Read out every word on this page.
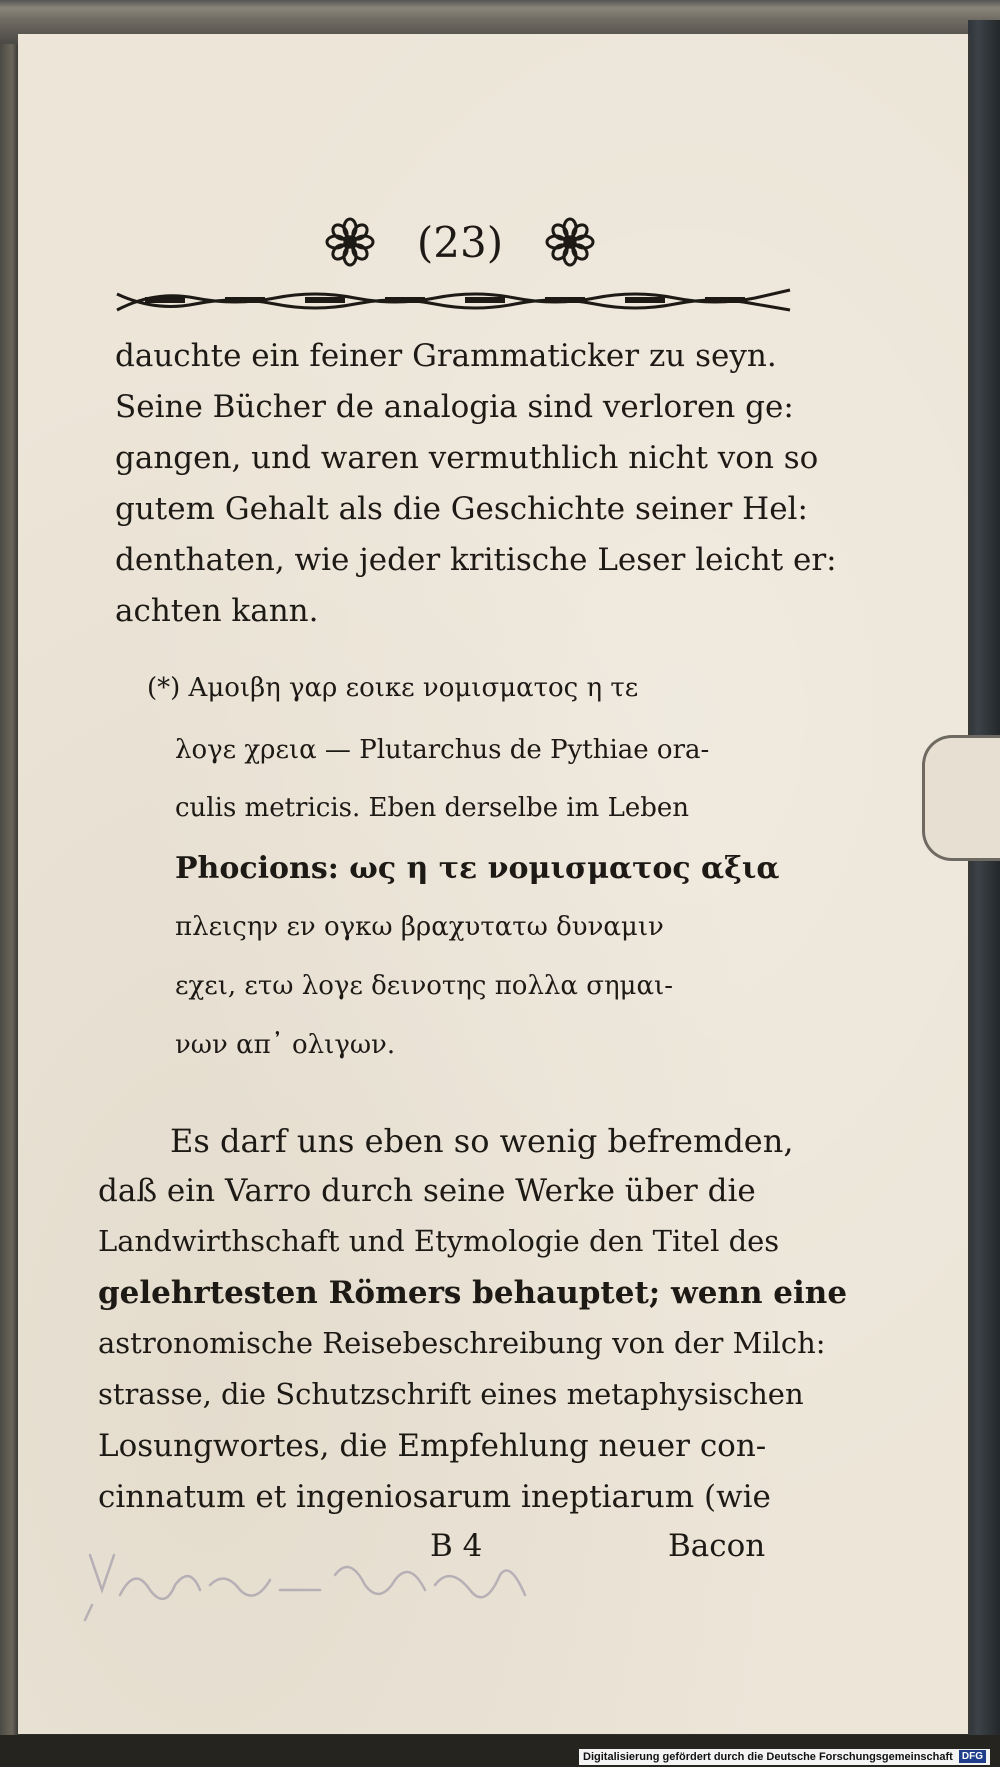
(23)
dauchte ein feiner Grammaticker zu seyn.
Seine Bücher de analogia sind verloren ge:
gangen, und waren vermuthlich nicht von so
gutem Gehalt als die Geschichte seiner Hel:
denthaten, wie jeder kritische Leser leicht er:
achten kann.
(*) Αμοιβη γαρ εοικε νομισματος η τε
λογε χρεια — Plutarchus de Pythiae ora-
culis metricis. Eben derselbe im Leben
Phocions: ως η τε νομισματος αξια
πλειςην εν ογκω βραχυτατω δυναμιν
εχει, ετω λογε δεινοτης πολλα σημαι-
νων απ᾽ ολιγων.
Es darf uns eben so wenig befremden,
daß ein Varro durch seine Werke über die
Landwirthschaft und Etymologie den Titel des
gelehrtesten Römers behauptet; wenn eine
astronomische Reisebeschreibung von der Milch:
strasse, die Schutzschrift eines metaphysischen
Losungwortes, die Empfehlung neuer con-
cinnatum et ingeniosarum ineptiarum (wie
B 4	Bacon
Digitalisierung gefördert durch die Deutsche Forschungsgemeinschaft DFG
